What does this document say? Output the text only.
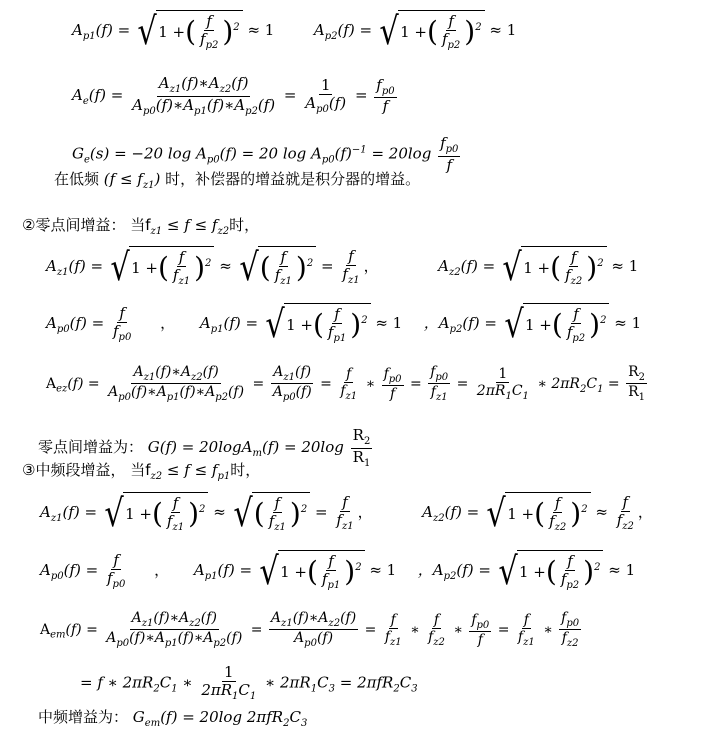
$A_{p1}(f)$ = √ 1 + ( $\frac{f}{f_{p2}}$ ) 2 ≈ 1	$A_{p2}(f)$ = √ 1 + ( $\frac{f}{f_{p2}}$ ) 2 ≈ 1
$A_e(f) = \frac{A_{z1}(f)∗A_{z2}(f)}{A_{p0}(f)∗A_{p1}(f)∗A_{p2}(f)} = \frac{1}{A_{p0}(f)} = \frac{f_{p0}}{f}$
$G_e(s) = -20$ $\log A_{p0}(f) = 20$ $\log A_{p0}(f)^{-1} = 20\log \frac{f_{p0}}{f}$
在低频 $(f \le f_{z1})$ 时，补偿器的增益就是积分器的增益。
②零点间增益： 当$f_{z1} \le f \le f_{z2}$时，
$A_{z1}(f)$ = √ 1 + ( $\frac{f}{f_{z1}}$ ) 2 ≈ √ ( $\frac{f}{f_{z1}}$ ) $2 = \frac{f}{f_{z1}}$ ，	$A_{z2}(f)$ = √ 1 + ( $\frac{f}{f_{z2}}$ ) 2 ≈ 1
$A_{p0}(f) = \frac{f}{f_{p0}}$ ， $A_{p1}(f)$ = √ 1 + ( $\frac{f}{f_{p1}}$ ) 2 ≈ 1 ，$A_{p2}(f)$ = √ 1 + ( $\frac{f}{f_{p2}}$ ) 2 ≈ 1
$A_{ez}(f) = \frac{A_{z1}(f)∗A_{z2}(f)}{A_{p0}(f)∗A_{p1}(f)∗A_{p2}(f)} = \frac{A_{z1}(f)}{A_{p0}(f)} = \frac{f}{f_{z1}}$ ∗ $\frac{f_{p0}}{f} = \frac{f_{p0}}{f_{z1}} = \frac{1}{2\pi R_1C_1}$ ∗ $2\pi R_2C_1 = \frac{R_2}{R_1}$
零点间增益为： $G(f) = 20\log A_m(f) = 20\log \frac{R_2}{R_1}$
③中频段增益， 当$f_{z2} \le f \le f_{p1}$时，
$A_{z1}(f)$ = √ 1 + ( $\frac{f}{f_{z1}}$ ) 2 ≈ √ ( $\frac{f}{f_{z1}}$ ) $2 = \frac{f}{f_{z1}}$ ，	$A_{z2}(f)$ = √ 1 + ( $\frac{f}{f_{z2}}$ ) $2 \approx \frac{f}{f_{z2}}$ ，
$A_{p0}(f) = \frac{f}{f_{p0}}$ ， $A_{p1}(f)$ = √ 1 + ( $\frac{f}{f_{p1}}$ ) 2 ≈ 1 ，$A_{p2}(f)$ = √ 1 + ( $\frac{f}{f_{p2}}$ ) 2 ≈ 1
$A_{em}(f) = \frac{A_{z1}(f)∗A_{z2}(f)}{A_{p0}(f)∗A_{p1}(f)∗A_{p2}(f)} = \frac{A_{z1}(f)∗A_{z2}(f)}{A_{p0}(f)} = \frac{f}{f_{z1}}$ ∗ $\frac{f}{f_{z2}}$ ∗ $\frac{f_{p0}}{f} = \frac{f}{f_{z1}}$ ∗ $\frac{f_{p0}}{f_{z2}}$
= f ∗ $2\pi R_2C_1$ ∗ $\frac{1}{2\pi R_1C_1}$ ∗ $2\pi R_1C_3 = 2\pi fR_2C_3$
中频增益为： $G_{em}(f) = 20\log$ $2\pi fR_2C_3$
